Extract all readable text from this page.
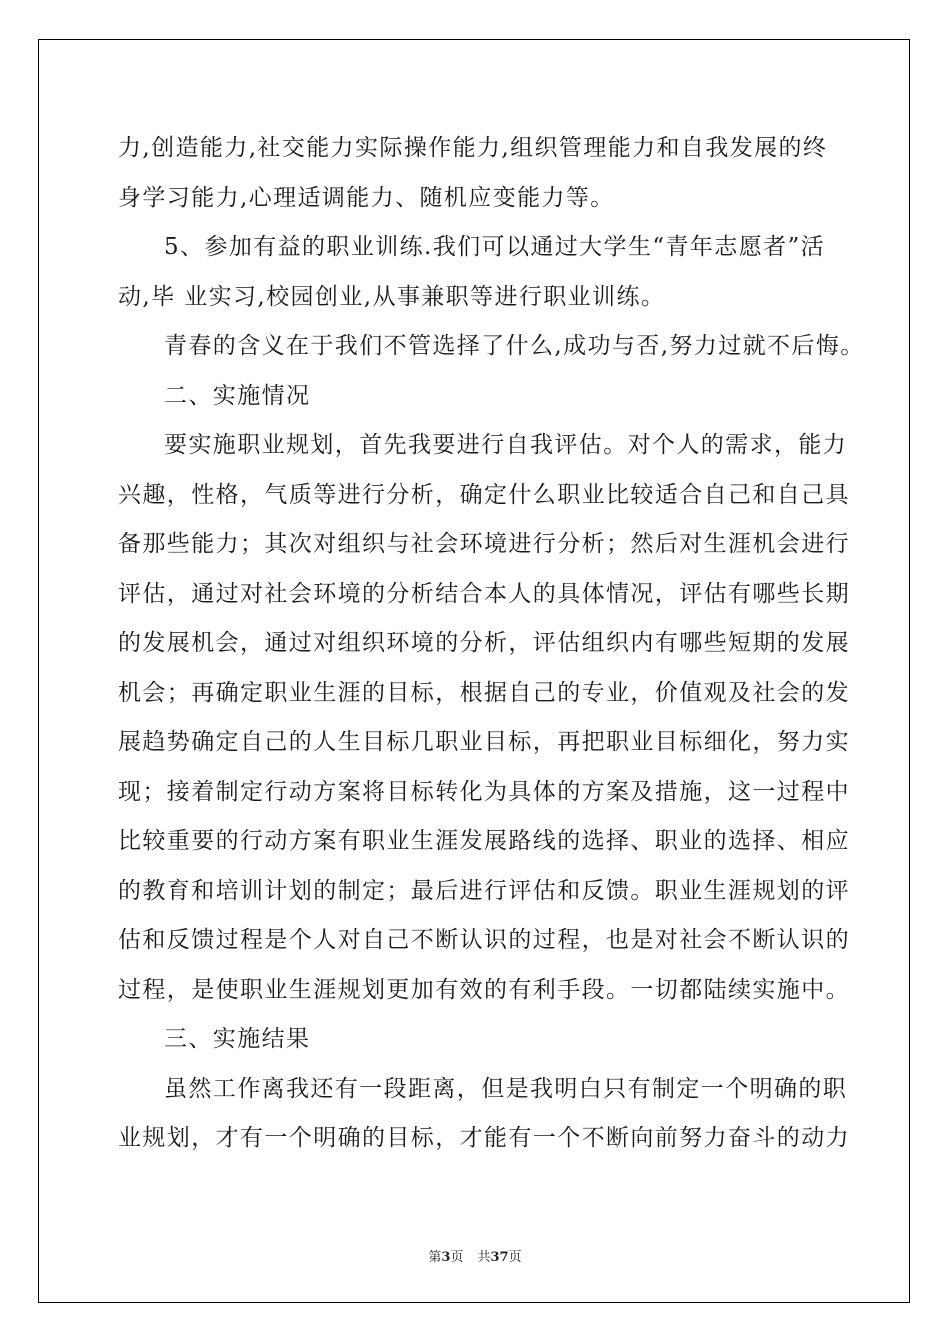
力,创造能力,社交能力实际操作能力,组织管理能力和自我发展的终
身学习能力,心理适调能力、随机应变能力等。
5、参加有益的职业训练.我们可以通过大学生“青年志愿者”活
动,毕 业实习,校园创业,从事兼职等进行职业训练。
青春的含义在于我们不管选择了什么,成功与否,努力过就不后悔。
二、实施情况
要实施职业规划，首先我要进行自我评估。对个人的需求，能力
兴趣，性格，气质等进行分析，确定什么职业比较适合自己和自己具
备那些能力；其次对组织与社会环境进行分析；然后对生涯机会进行
评估，通过对社会环境的分析结合本人的具体情况，评估有哪些长期
的发展机会，通过对组织环境的分析，评估组织内有哪些短期的发展
机会；再确定职业生涯的目标，根据自己的专业，价值观及社会的发
展趋势确定自己的人生目标几职业目标，再把职业目标细化，努力实
现；接着制定行动方案将目标转化为具体的方案及措施，这一过程中
比较重要的行动方案有职业生涯发展路线的选择、职业的选择、相应
的教育和培训计划的制定；最后进行评估和反馈。职业生涯规划的评
估和反馈过程是个人对自己不断认识的过程，也是对社会不断认识的
过程，是使职业生涯规划更加有效的有利手段。一切都陆续实施中。
三、实施结果
虽然工作离我还有一段距离，但是我明白只有制定一个明确的职
业规划，才有一个明确的目标，才能有一个不断向前努力奋斗的动力
第3页 共37页
